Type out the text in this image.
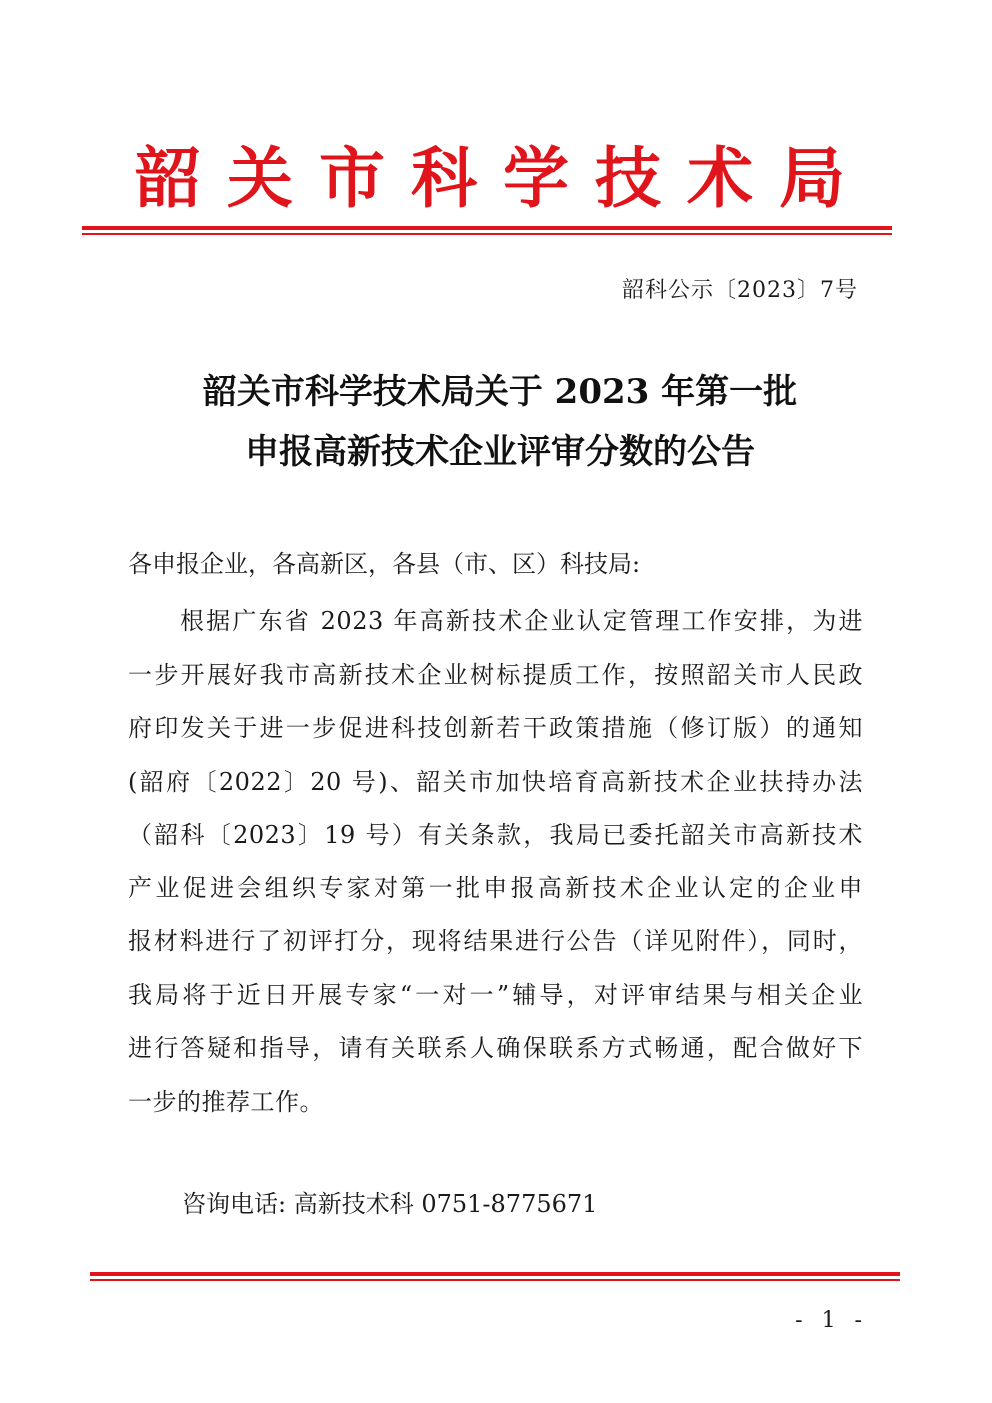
韶关市科学技术局
韶科公示〔2023〕7号
韶关市科学技术局关于 2023 年第一批
申报高新技术企业评审分数的公告
各申报企业，各高新区，各县（市、区）科技局:
根据广东省 2023 年高新技术企业认定管理工作安排，为进
一步开展好我市高新技术企业树标提质工作，按照韶关市人民政
府印发关于进一步促进科技创新若干政策措施（修订版）的通知
(韶府〔2022〕20 号)、韶关市加快培育高新技术企业扶持办法
（韶科〔2023〕19 号）有关条款，我局已委托韶关市高新技术
产业促进会组织专家对第一批申报高新技术企业认定的企业申
报材料进行了初评打分，现将结果进行公告（详见附件），同时，
我局将于近日开展专家“一对一”辅导，对评审结果与相关企业
进行答疑和指导，请有关联系人确保联系方式畅通，配合做好下
一步的推荐工作。
咨询电话: 高新技术科 0751-8775671
- 1 -
